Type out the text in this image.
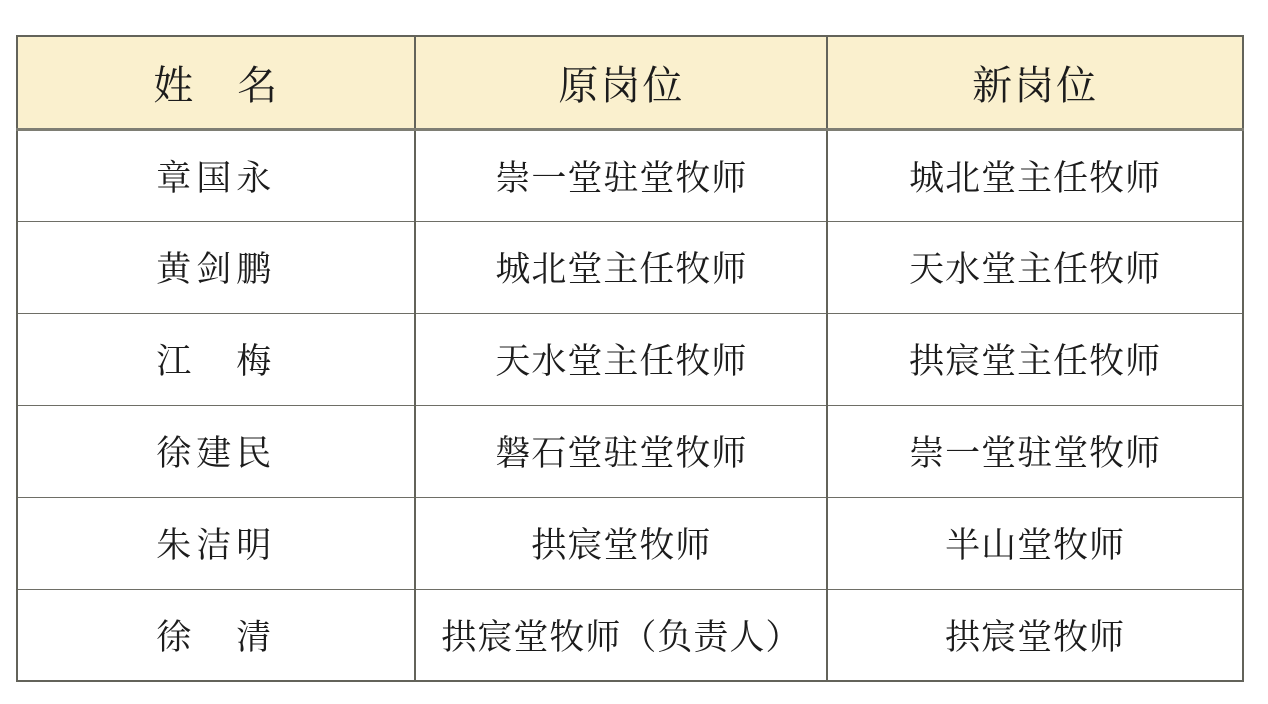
姓　名	原岗位	新岗位
章国永	崇一堂驻堂牧师	城北堂主任牧师
黄剑鹏	城北堂主任牧师	天水堂主任牧师
江　梅	天水堂主任牧师	拱宸堂主任牧师
徐建民	磐石堂驻堂牧师	崇一堂驻堂牧师
朱洁明	拱宸堂牧师	半山堂牧师
徐　清	拱宸堂牧师（负责人）	拱宸堂牧师
